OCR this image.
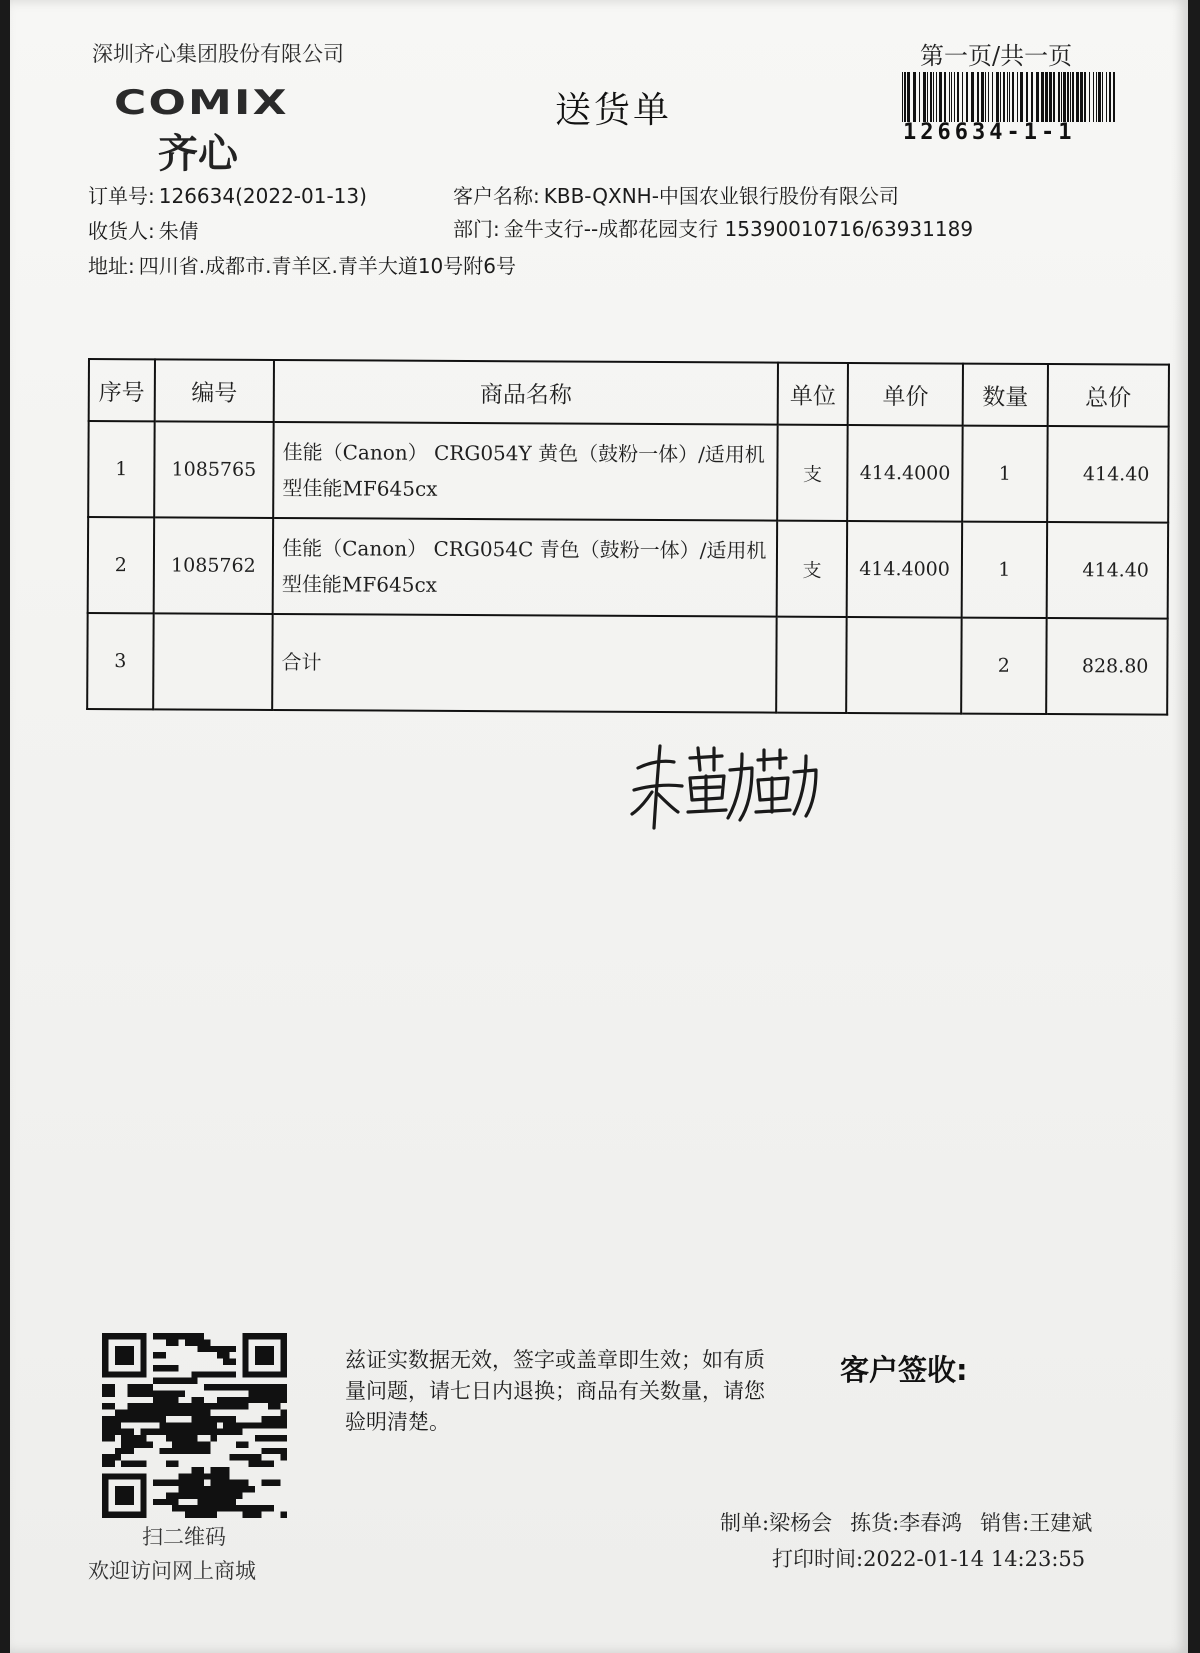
深圳齐心集团股份有限公司	第一页/共一页
COMIX
齐心
送货单
126634-1-1
订单号: 126634(2022-01-13)	客户名称: KBB-QXNH-中国农业银行股份有限公司
收货人: 朱倩	部门: 金牛支行--成都花园支行 15390010716/63931189
地址: 四川省.成都市.青羊区.青羊大道10号附6号
序号	编号	商品名称	单位	单价	数量	总价
1	1085765	佳能（Canon） CRG054Y 黄色（鼓粉一体）/适用机型佳能MF645cx	支	414.4000	1	414.40
2	1085762	佳能（Canon） CRG054C 青色（鼓粉一体）/适用机型佳能MF645cx	支	414.4000	1	414.40
3		合计			2	828.80
扫二维码
欢迎访问网上商城
兹证实数据无效，签字或盖章即生效；如有质量问题，请七日内退换；商品有关数量，请您验明清楚。
客户签收:
制单:梁杨会 拣货:李春鸿 销售:王建斌
打印时间:2022-01-14 14:23:55
